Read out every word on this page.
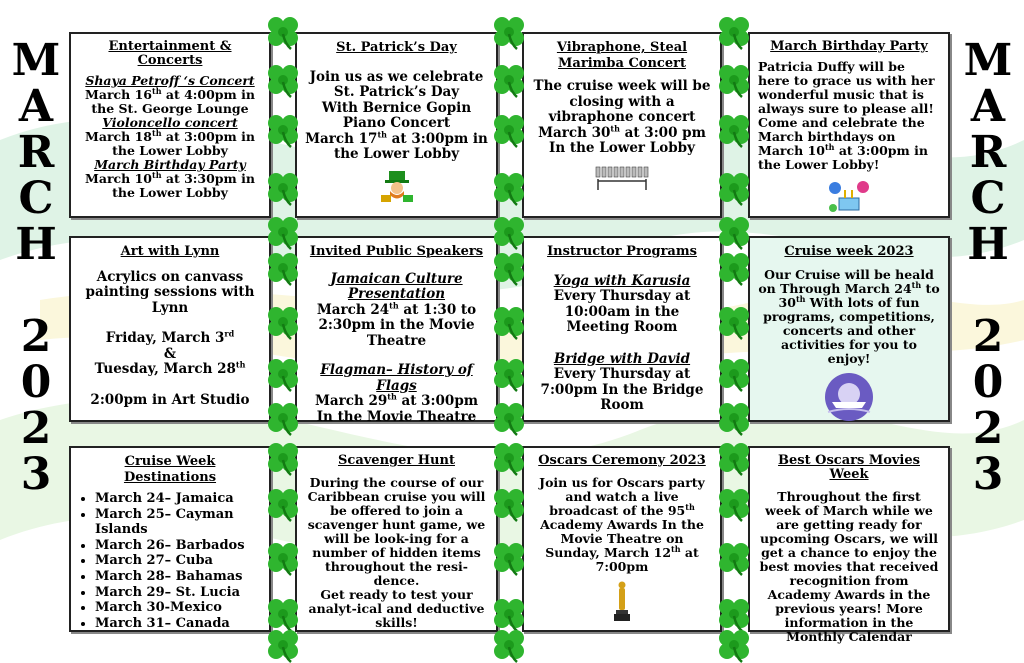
M
A
R
C
H
2
0
2
3
M
A
R
C
H
2
0
2
3
Entertainment & Concerts
Shaya Petroff ‘s Concert
March 16th at 4:00pm in the St. George Lounge
Violoncello concert
March 18th at 3:00pm in the Lower Lobby
March Birthday Party
March 10th at 3:30pm in the Lower Lobby
St. Patrick’s Day
Join us as we celebrate St. Patrick’s Day
With Bernice Gopin Piano Concert
March 17th at 3:00pm in the Lower Lobby
Vibraphone, Steal Marimba Concert
The cruise week will be closing with a vibraphone concert
March 30th at 3:00 pm
In the Lower Lobby
March Birthday Party
Patricia Duffy will be here to grace us with her wonderful music that is always sure to please all! Come and celebrate the March birthdays on March 10th at 3:00pm in the Lower Lobby!
Art with Lynn
Acrylics on canvass painting sessions with Lynn
Friday, March 3rd
&
Tuesday, March 28th
2:00pm in Art Studio
Invited Public Speakers
Jamaican Culture Presentation
March 24th at 1:30 to 2:30pm in the Movie Theatre
Flagman– History of Flags
March 29th at 3:00pm
In the Movie Theatre
Instructor Programs
Yoga with Karusia
Every Thursday at 10:00am in the Meeting Room
Bridge with David
Every Thursday at 7:00pm In the Bridge Room
Cruise week 2023
Our Cruise will be heald on Through March 24th to 30th With lots of fun programs, competitions, concerts and other activities for you to enjoy!
Cruise Week Destinations
• March 24– Jamaica
• March 25– Cayman Islands
• March 26– Barbados
• March 27– Cuba
• March 28– Bahamas
• March 29– St. Lucia
• March 30-Mexico
• March 31– Canada
Scavenger Hunt
During the course of our Caribbean cruise you will be offered to join a scavenger hunt game, we will be look-ing for a number of hidden items throughout the resi-dence.
Get ready to test your analyt-ical and deductive skills!
Oscars Ceremony 2023
Join us for Oscars party and watch a live broadcast of the 95th Academy Awards In the Movie Theatre on Sunday, March 12th at 7:00pm
Best Oscars Movies Week
Throughout the first week of March while we are getting ready for upcoming Oscars, we will get a chance to enjoy the best movies that received recognition from Academy Awards in the previous years! More information in the Monthly Calendar
